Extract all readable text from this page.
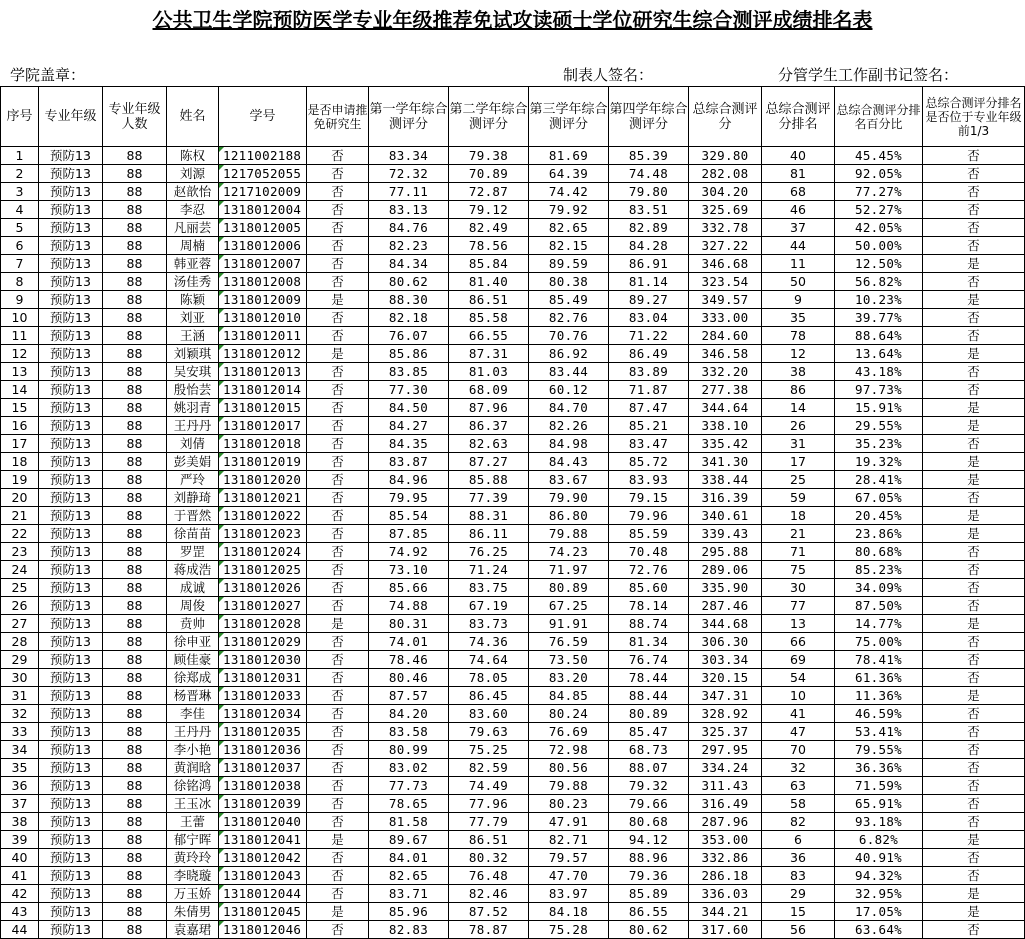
公共卫生学院预防医学专业年级推荐免试攻读硕士学位研究生综合测评成绩排名表
学院盖章：	制表人签名：	分管学生工作副书记签名：
序号	专业年级	专业年级人数	姓名	学号	是否申请推免研究生	第一学年综合测评分	第二学年综合测评分	第三学年综合测评分	第四学年综合测评分	总综合测评分	总综合测评分排名	总综合测评分排名百分比	总综合测评分排名是否位于专业年级前1/3

1	预防13	88	陈权	1211002188	否	83.34	79.38	81.69	85.39	329.80	40	45.45%	否
2	预防13	88	刘源	1217052055	否	72.32	70.89	64.39	74.48	282.08	81	92.05%	否
3	预防13	88	赵歆怡	1217102009	否	77.11	72.87	74.42	79.80	304.20	68	77.27%	否
4	预防13	88	李忍	1318012004	否	83.13	79.12	79.92	83.51	325.69	46	52.27%	否
5	预防13	88	凡丽芸	1318012005	否	84.76	82.49	82.65	82.89	332.78	37	42.05%	否
6	预防13	88	周楠	1318012006	否	82.23	78.56	82.15	84.28	327.22	44	50.00%	否
7	预防13	88	韩亚蓉	1318012007	否	84.34	85.84	89.59	86.91	346.68	11	12.50%	是
8	预防13	88	汤佳秀	1318012008	否	80.62	81.40	80.38	81.14	323.54	50	56.82%	否
9	预防13	88	陈颖	1318012009	是	88.30	86.51	85.49	89.27	349.57	9	10.23%	是
10	预防13	88	刘亚	1318012010	否	82.18	85.58	82.76	83.04	333.00	35	39.77%	否
11	预防13	88	王涵	1318012011	否	76.07	66.55	70.76	71.22	284.60	78	88.64%	否
12	预防13	88	刘颖琪	1318012012	是	85.86	87.31	86.92	86.49	346.58	12	13.64%	是
13	预防13	88	吴安琪	1318012013	否	83.85	81.03	83.44	83.89	332.20	38	43.18%	否
14	预防13	88	殷怡芸	1318012014	否	77.30	68.09	60.12	71.87	277.38	86	97.73%	否
15	预防13	88	姚羽青	1318012015	否	84.50	87.96	84.70	87.47	344.64	14	15.91%	是
16	预防13	88	王丹丹	1318012017	否	84.27	86.37	82.26	85.21	338.10	26	29.55%	是
17	预防13	88	刘倩	1318012018	否	84.35	82.63	84.98	83.47	335.42	31	35.23%	否
18	预防13	88	彭美娟	1318012019	否	83.87	87.27	84.43	85.72	341.30	17	19.32%	是
19	预防13	88	严玲	1318012020	否	84.96	85.88	83.67	83.93	338.44	25	28.41%	是
20	预防13	88	刘静琦	1318012021	否	79.95	77.39	79.90	79.15	316.39	59	67.05%	否
21	预防13	88	于晋然	1318012022	否	85.54	88.31	86.80	79.96	340.61	18	20.45%	是
22	预防13	88	徐苗苗	1318012023	否	87.85	86.11	79.88	85.59	339.43	21	23.86%	是
23	预防13	88	罗罡	1318012024	否	74.92	76.25	74.23	70.48	295.88	71	80.68%	否
24	预防13	88	蒋成浩	1318012025	否	73.10	71.24	71.97	72.76	289.06	75	85.23%	否
25	预防13	88	成诚	1318012026	否	85.66	83.75	80.89	85.60	335.90	30	34.09%	否
26	预防13	88	周俊	1318012027	否	74.88	67.19	67.25	78.14	287.46	77	87.50%	否
27	预防13	88	贲帅	1318012028	是	80.31	83.73	91.91	88.74	344.68	13	14.77%	是
28	预防13	88	徐申亚	1318012029	否	74.01	74.36	76.59	81.34	306.30	66	75.00%	否
29	预防13	88	顾佳豪	1318012030	否	78.46	74.64	73.50	76.74	303.34	69	78.41%	否
30	预防13	88	徐郑成	1318012031	否	80.46	78.05	83.20	78.44	320.15	54	61.36%	否
31	预防13	88	杨晋琳	1318012033	否	87.57	86.45	84.85	88.44	347.31	10	11.36%	是
32	预防13	88	李佳	1318012034	否	84.20	83.60	80.24	80.89	328.92	41	46.59%	否
33	预防13	88	王丹丹	1318012035	否	83.58	79.63	76.69	85.47	325.37	47	53.41%	否
34	预防13	88	李小艳	1318012036	否	80.99	75.25	72.98	68.73	297.95	70	79.55%	否
35	预防13	88	黄润晗	1318012037	否	83.02	82.59	80.56	88.07	334.24	32	36.36%	否
36	预防13	88	徐铭鸿	1318012038	否	77.73	74.49	79.88	79.32	311.43	63	71.59%	否
37	预防13	88	王玉冰	1318012039	否	78.65	77.96	80.23	79.66	316.49	58	65.91%	否
38	预防13	88	王蕾	1318012040	否	81.58	77.79	47.91	80.68	287.96	82	93.18%	否
39	预防13	88	郁宁晖	1318012041	是	89.67	86.51	82.71	94.12	353.00	6	6.82%	是
40	预防13	88	黄玲玲	1318012042	否	84.01	80.32	79.57	88.96	332.86	36	40.91%	否
41	预防13	88	李晓璇	1318012043	否	82.65	76.48	47.70	79.36	286.18	83	94.32%	否
42	预防13	88	万玉娇	1318012044	否	83.71	82.46	83.97	85.89	336.03	29	32.95%	是
43	预防13	88	朱倩男	1318012045	是	85.96	87.52	84.18	86.55	344.21	15	17.05%	是
44	预防13	88	袁嘉珺	1318012046	否	82.83	78.87	75.28	80.62	317.60	56	63.64%	否
